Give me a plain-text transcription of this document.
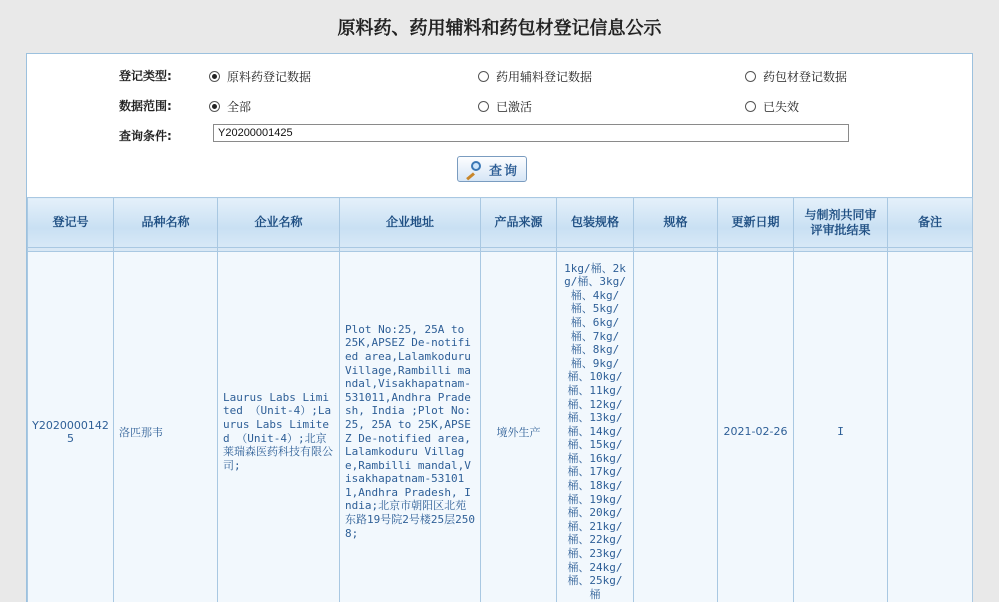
原料药、药用辅料和药包材登记信息公示
登记类型:	原料药登记数据	药用辅料登记数据	药包材登记数据
数据范围:	全部	已激活	已失效
查询条件:
Y20200001425
查询
登记号	品种名称	企业名称	企业地址	产品来源	包装规格	规格	更新日期	与制剂共同审评审批结果	备注

Y20200001425	洛匹那韦	Laurus Labs Limited （Unit-4）;Laurus Labs Limited （Unit-4）;北京莱瑞森医药科技有限公司;	Plot No:25, 25A to 25K,APSEZ De-notified area,Lalamkoduru Village,Rambilli mandal,Visakhapatnam-531011,Andhra Pradesh, India ;Plot No:25, 25A to 25K,APSEZ De-notified area,Lalamkoduru Village,Rambilli mandal,Visakhapatnam-531011,Andhra Pradesh, India;北京市朝阳区北苑东路19号院2号楼25层2508;	境外生产	1kg/桶、2kg/桶、3kg/桶、4kg/桶、5kg/桶、6kg/桶、7kg/桶、8kg/桶、9kg/桶、10kg/桶、11kg/桶、12kg/桶、13kg/桶、14kg/桶、15kg/桶、16kg/桶、17kg/桶、18kg/桶、19kg/桶、20kg/桶、21kg/桶、22kg/桶、23kg/桶、24kg/桶、25kg/桶		2021-02-26	I	
